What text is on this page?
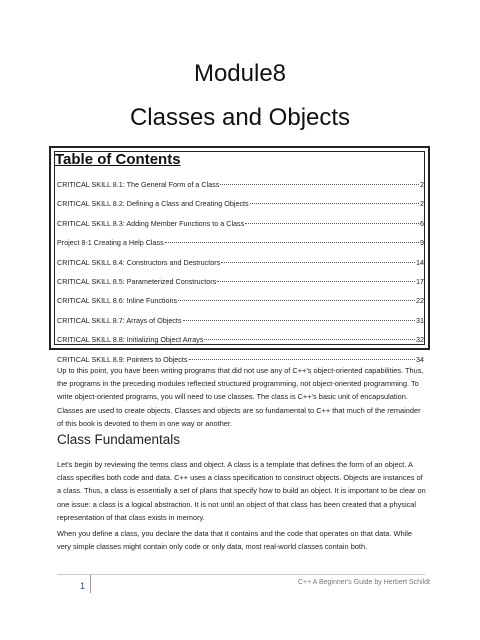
Module8
Classes and Objects
Table of Contents
CRITICAL SKILL 8.1: The General Form of a Class	2
CRITICAL SKILL 8.2: Defining a Class and Creating Objects	2
CRITICAL SKILL 8.3: Adding Member Functions to a Class	6
Project 8-1 Creating a Help Class	9
CRITICAL SKILL 8.4: Constructors and Destructors	14
CRITICAL SKILL 8.5: Parameterized Constructors	17
CRITICAL SKILL 8.6: Inline Functions	22
CRITICAL SKILL 8.7: Arrays of Objects	31
CRITICAL SKILL 8.8: Initializing Object Arrays	32
CRITICAL SKILL 8.9: Pointers to Objects	34

Up to this point, you have been writing programs that did not use any of C++'s object-oriented capabilities. Thus, the programs in the preceding modules reflected structured programming, not object-oriented programming. To write object-oriented programs, you will need to use classes. The class is C++'s basic unit of encapsulation. Classes are used to create objects. Classes and objects are so fundamental to C++ that much of the remainder of this book is devoted to them in one way or another.

Class Fundamentals

Let's begin by reviewing the terms class and object. A class is a template that defines the form of an object. A class specifies both code and data. C++ uses a class specification to construct objects. Objects are instances of a class. Thus, a class is essentially a set of plans that specify how to build an object. It is important to be clear on one issue: a class is a logical abstraction. It is not until an object of that class has been created that a physical representation of that class exists in memory.

When you define a class, you declare the data that it contains and the code that operates on that data. While very simple classes might contain only code or only data, most real-world classes contain both.

1	C++ A Beginner's Guide by Herbert Schildt
